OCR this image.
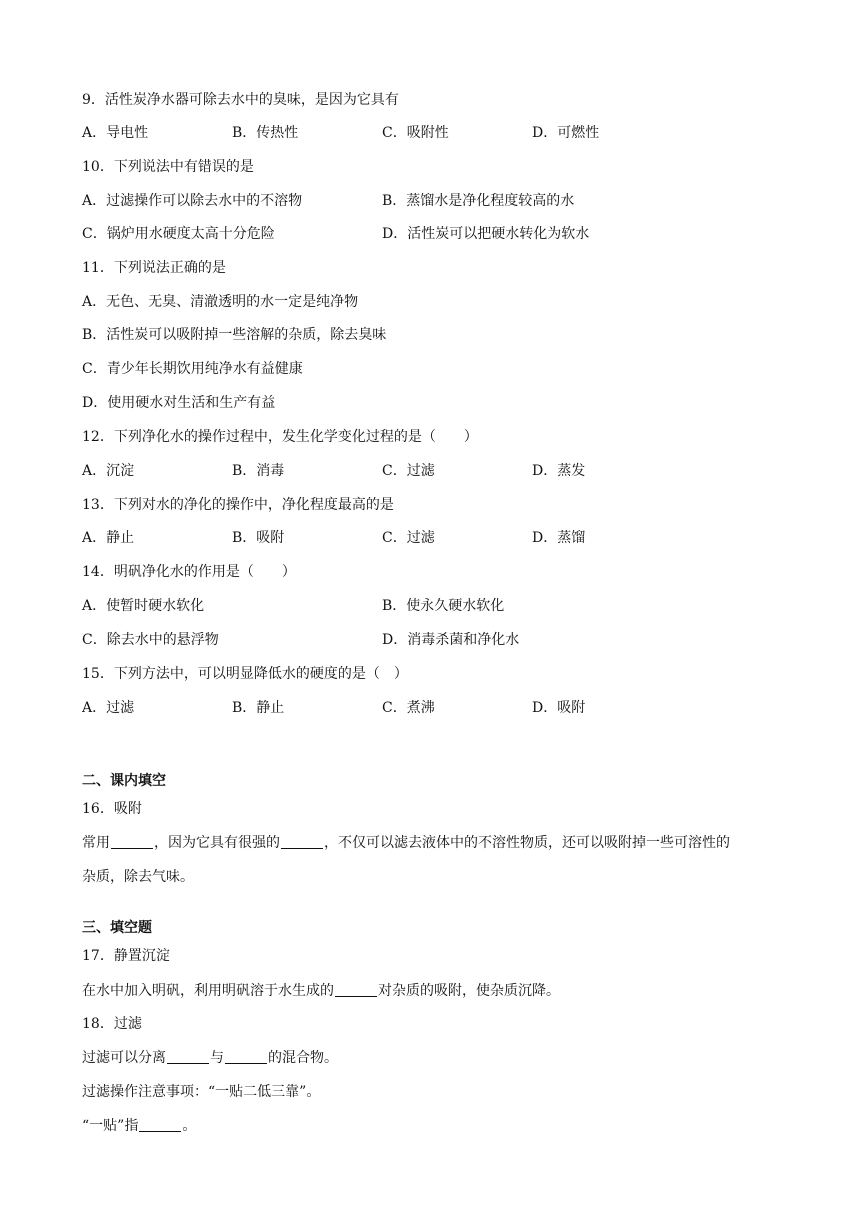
9．活性炭净水器可除去水中的臭味，是因为它具有
A．导电性	B．传热性	C．吸附性	D．可燃性
10．下列说法中有错误的是
A．过滤操作可以除去水中的不溶物	B．蒸馏水是净化程度较高的水
C．锅炉用水硬度太高十分危险	D．活性炭可以把硬水转化为软水
11．下列说法正确的是
A．无色、无臭、清澈透明的水一定是纯净物
B．活性炭可以吸附掉一些溶解的杂质，除去臭味
C．青少年长期饮用纯净水有益健康
D．使用硬水对生活和生产有益
12．下列净化水的操作过程中，发生化学变化过程的是（　　）
A．沉淀	B．消毒	C．过滤	D．蒸发
13．下列对水的净化的操作中，净化程度最高的是
A．静止	B．吸附	C．过滤	D．蒸馏
14．明矾净化水的作用是（　　）
A．使暂时硬水软化	B．使永久硬水软化
C．除去水中的悬浮物	D．消毒杀菌和净化水
15．下列方法中，可以明显降低水的硬度的是（　）
A．过滤	B．静止	C．煮沸	D．吸附
二、课内填空
16．吸附
常用	，因为它具有很强的	，不仅可以滤去液体中的不溶性物质，还可以吸附掉一些可溶性的
杂质，除去气味。
三、填空题
17．静置沉淀
在水中加入明矾，利用明矾溶于水生成的	对杂质的吸附，使杂质沉降。
18．过滤
过滤可以分离	与	的混合物。
过滤操作注意事项：“一贴二低三靠”。
“一贴”指	。
